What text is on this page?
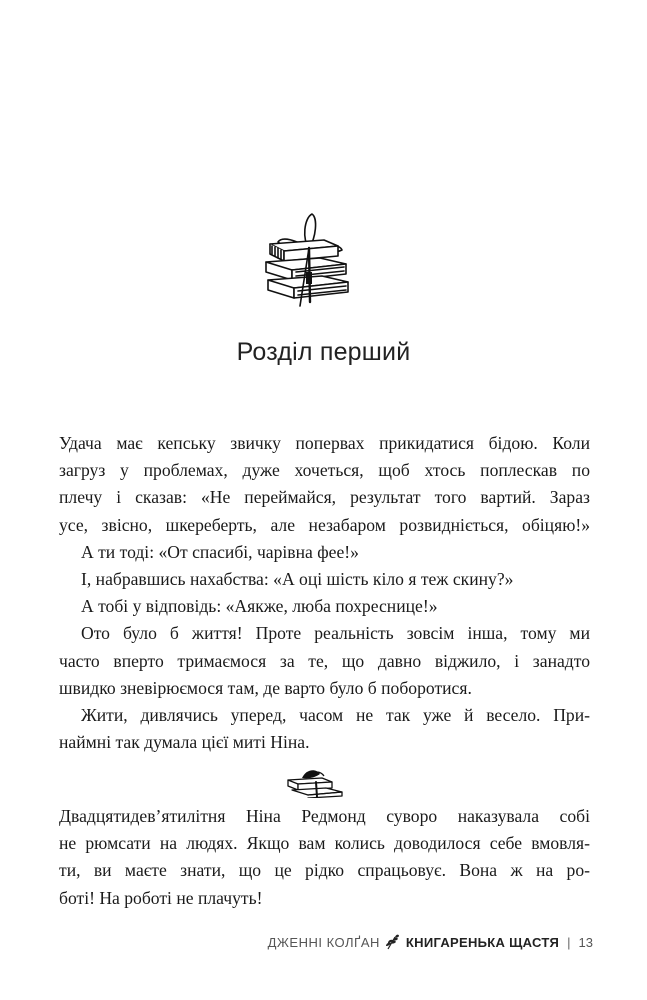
Розділ перший
Удача має кепську звичку попервах прикидатися бідою. Коли
загруз у проблемах, дуже хочеться, щоб хтось поплескав по
плечу і сказав: «Не переймайся, результат того вартий. Зараз
усе, звісно, шкереберть, але незабаром розвидніється, обіцяю!»
А ти тоді: «От спасибі, чарівна фее!»
І, набравшись нахабства: «А оці шість кіло я теж скину?»
А тобі у відповідь: «Аякже, люба похреснице!»
Ото було б життя! Проте реальність зовсім інша, тому ми
часто вперто тримаємося за те, що давно віджило, і занадто
швидко зневірюємося там, де варто було б поборотися.
Жити, дивлячись уперед, часом не так уже й весело. При-
наймні так думала цієї миті Ніна.
Двадцятидев’ятилітня Ніна Редмонд суворо наказувала собі
не рюмсати на людях. Якщо вам колись доводилося себе вмовля-
ти, ви маєте знати, що це рідко спрацьовує. Вона ж на ро-
боті! На роботі не плачуть!
ДЖЕННІ КОЛҐАН КНИГАРЕНЬКА ЩАСТЯ | 13
